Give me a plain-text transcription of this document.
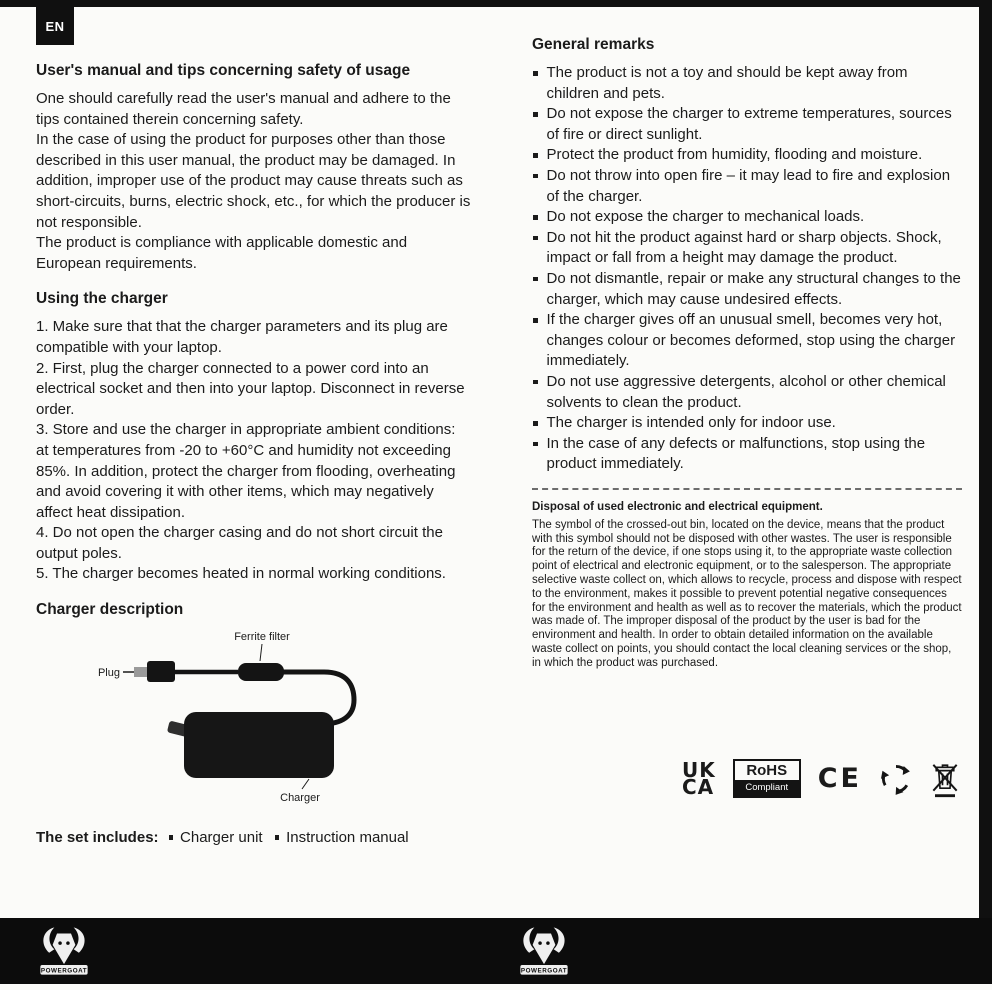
EN
User's manual and tips concerning safety of usage
One should carefully read the user's manual and adhere to the tips contained therein concerning safety.
In the case of using the product for purposes other than those described in this user manual, the product may be damaged. In addition, improper use of the product may cause threats such as short-circuits, burns, electric shock, etc., for which the producer is not responsible.
The product is compliance with applicable domestic and European requirements.
Using the charger
1. Make sure that that the charger parameters and its plug are compatible with your laptop.
2. First, plug the charger connected to a power cord into an electrical socket and then into your laptop. Disconnect in reverse order.
3. Store and use the charger in appropriate ambient conditions: at temperatures from -20 to +60°C and humidity not exceeding 85%. In addition, protect the charger from flooding, overheating and avoid covering it with other items, which may negatively affect heat dissipation.
4. Do not open the charger casing and do not short circuit the output poles.
5. The charger becomes heated in normal working conditions.
Charger description
Ferrite filter
Plug
Charger
The set includes: Charger unit Instruction manual
General remarks
The product is not a toy and should be kept away from children and pets.
Do not expose the charger to extreme temperatures, sources of fire or direct sunlight.
Protect the product from humidity, flooding and moisture.
Do not throw into open fire – it may lead to fire and explosion of the charger.
Do not expose the charger to mechanical loads.
Do not hit the product against hard or sharp objects. Shock, impact or fall from a height may damage the product.
Do not dismantle, repair or make any structural changes to the charger, which may cause undesired effects.
If the charger gives off an unusual smell, becomes very hot, changes colour or becomes deformed, stop using the charger immediately.
Do not use aggressive detergents, alcohol or other chemical solvents to clean the product.
The charger is intended only for indoor use.
In the case of any defects or malfunctions, stop using the product immediately.
Disposal of used electronic and electrical equipment.
The symbol of the crossed-out bin, located on the device, means that the product with this symbol should not be disposed with other wastes. The user is responsible for the return of the device, if one stops using it, to the appropriate waste collection point of electrical and electronic equipment, or to the salesperson. The appropriate selective waste collect on, which allows to recycle, process and dispose with respect to the environment, makes it possible to prevent potential negative consequences for the environment and health as well as to recover the materials, which the product was made of. The improper disposal of the product by the user is bad for the environment and health. In order to obtain detailed information on the available waste collect on points, you should contact the local cleaning services or the shop, in which the product was purchased.
UK
CA
RoHS
Compliant	CE
POWERGOAT	POWERGOAT
